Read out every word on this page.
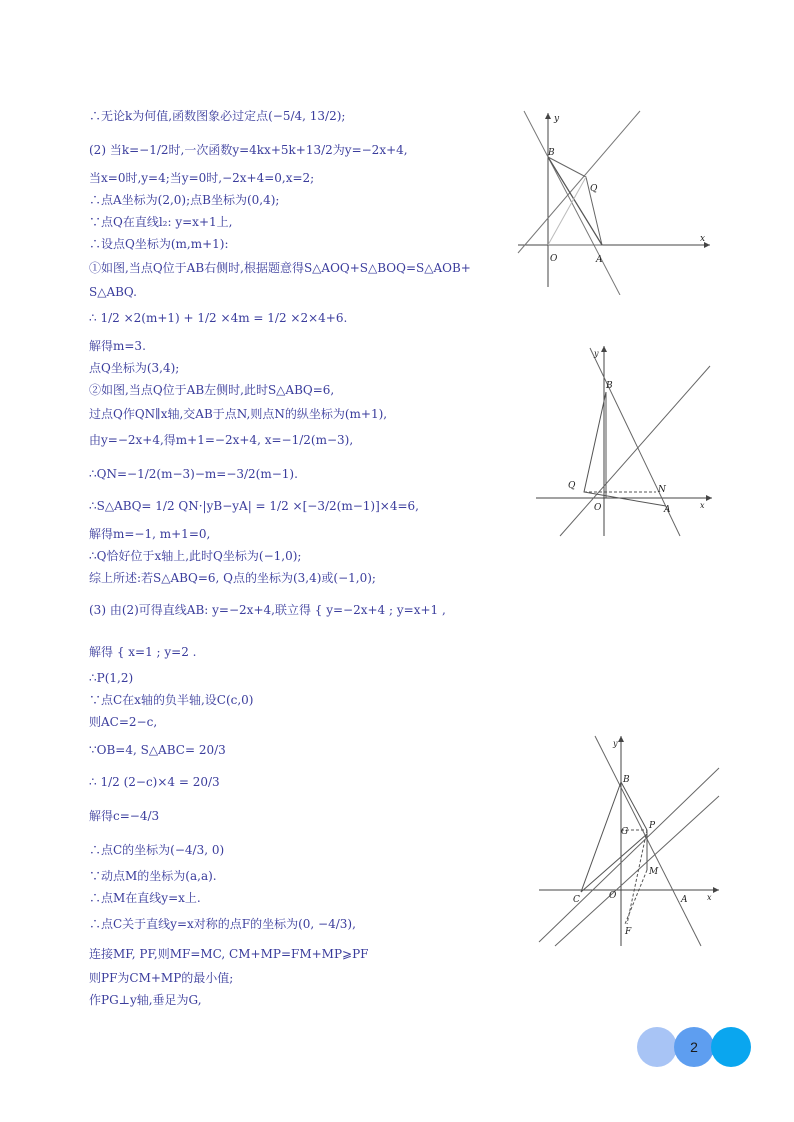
∴无论k为何值,函数图象必过定点(−5/4, 13/2);
(2) 当k=−1/2时,一次函数y=4kx+5k+13/2为y=−2x+4,
当x=0时,y=4;当y=0时,−2x+4=0,x=2;
∴点A坐标为(2,0);点B坐标为(0,4);
∵点Q在直线l₂: y=x+1上,
∴设点Q坐标为(m,m+1):
①如图,当点Q位于AB右侧时,根据题意得S△AOQ+S△BOQ=S△AOB+
S△ABQ.
∴ 1/2 ×2(m+1) + 1/2 ×4m = 1/2 ×2×4+6.
解得m=3.
点Q坐标为(3,4);
②如图,当点Q位于AB左侧时,此时S△ABQ=6,
过点Q作QN∥x轴,交AB于点N,则点N的纵坐标为(m+1),
由y=−2x+4,得m+1=−2x+4, x=−1/2(m−3),
∴QN=−1/2(m−3)−m=−3/2(m−1).
∴S△ABQ= 1/2 QN·|yB−yA| = 1/2 ×[−3/2(m−1)]×4=6,
解得m=−1, m+1=0,
∴Q恰好位于x轴上,此时Q坐标为(−1,0);
综上所述:若S△ABQ=6, Q点的坐标为(3,4)或(−1,0);
(3) 由(2)可得直线AB: y=−2x+4,联立得 { y=−2x+4 ; y=x+1 ,
解得 { x=1 ; y=2 .
∴P(1,2)
∵点C在x轴的负半轴,设C(c,0)
则AC=2−c,
∵OB=4, S△ABC= 20/3
∴ 1/2 (2−c)×4 = 20/3
解得c=−4/3
∴点C的坐标为(−4/3, 0)
∵动点M的坐标为(a,a).
∴点M在直线y=x上.
∴点C关于直线y=x对称的点F的坐标为(0, −4/3),
连接MF, PF,则MF=MC, CM+MP=FM+MP⩾PF
则PF为CM+MP的最小值;
作PG⊥y轴,垂足为G,
y
x
B
Q
O	A
y
x
B
Q	N
O	A
y
x
B
G
P
M
C	O	A
F
2
